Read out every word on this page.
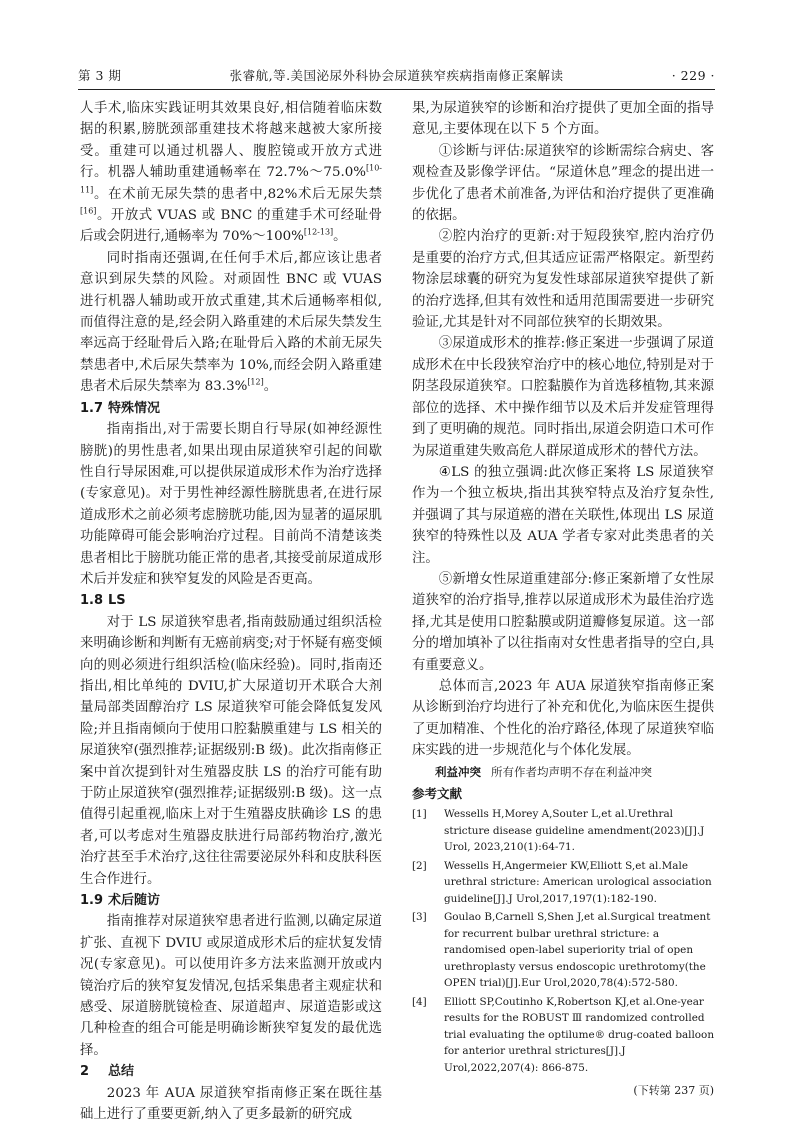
第 3 期	张睿航,等.美国泌尿外科协会尿道狭窄疾病指南修正案解读	· 229 ·

人手术,临床实践证明其效果良好,相信随着临床数据的积累,膀胱颈部重建技术将越来越被大家所接受。重建可以通过机器人、腹腔镜或开放方式进行。机器人辅助重建通畅率在 72.7%～75.0%[10-11]。在术前无尿失禁的患者中,82%术后无尿失禁[16]。开放式 VUAS 或 BNC 的重建手术可经耻骨后或会阴进行,通畅率为 70%～100%[12-13]。

同时指南还强调,在任何手术后,都应该让患者意识到尿失禁的风险。对顽固性 BNC 或 VUAS 进行机器人辅助或开放式重建,其术后通畅率相似,而值得注意的是,经会阴入路重建的术后尿失禁发生率远高于经耻骨后入路;在耻骨后入路的术前无尿失禁患者中,术后尿失禁率为 10%,而经会阴入路重建患者术后尿失禁率为 83.3%[12]。

1.7 特殊情况

指南指出,对于需要长期自行导尿(如神经源性膀胱)的男性患者,如果出现由尿道狭窄引起的间歇性自行导尿困难,可以提供尿道成形术作为治疗选择(专家意见)。对于男性神经源性膀胱患者,在进行尿道成形术之前必须考虑膀胱功能,因为显著的逼尿肌功能障碍可能会影响治疗过程。目前尚不清楚该类患者相比于膀胱功能正常的患者,其接受前尿道成形术后并发症和狭窄复发的风险是否更高。

1.8 LS

对于 LS 尿道狭窄患者,指南鼓励通过组织活检来明确诊断和判断有无癌前病变;对于怀疑有癌变倾向的则必须进行组织活检(临床经验)。同时,指南还指出,相比单纯的 DVIU,扩大尿道切开术联合大剂量局部类固醇治疗 LS 尿道狭窄可能会降低复发风险;并且指南倾向于使用口腔黏膜重建与 LS 相关的尿道狭窄(强烈推荐;证据级别:B 级)。此次指南修正案中首次提到针对生殖器皮肤 LS 的治疗可能有助于防止尿道狭窄(强烈推荐;证据级别:B 级)。这一点值得引起重视,临床上对于生殖器皮肤确诊 LS 的患者,可以考虑对生殖器皮肤进行局部药物治疗,激光治疗甚至手术治疗,这往往需要泌尿外科和皮肤科医生合作进行。

1.9 术后随访

指南推荐对尿道狭窄患者进行监测,以确定尿道扩张、直视下 DVIU 或尿道成形术后的症状复发情况(专家意见)。可以使用许多方法来监测开放或内镜治疗后的狭窄复发情况,包括采集患者主观症状和感受、尿道膀胱镜检查、尿道超声、尿道造影或这几种检查的组合可能是明确诊断狭窄复发的最优选择。

2 总结

2023 年 AUA 尿道狭窄指南修正案在既往基础上进行了重要更新,纳入了更多最新的研究成

果,为尿道狭窄的诊断和治疗提供了更加全面的指导意见,主要体现在以下 5 个方面。

①诊断与评估:尿道狭窄的诊断需综合病史、客观检查及影像学评估。“尿道休息”理念的提出进一步优化了患者术前准备,为评估和治疗提供了更准确的依据。

②腔内治疗的更新:对于短段狭窄,腔内治疗仍是重要的治疗方式,但其适应证需严格限定。新型药物涂层球囊的研究为复发性球部尿道狭窄提供了新的治疗选择,但其有效性和适用范围需要进一步研究验证,尤其是针对不同部位狭窄的长期效果。

③尿道成形术的推荐:修正案进一步强调了尿道成形术在中长段狭窄治疗中的核心地位,特别是对于阴茎段尿道狭窄。口腔黏膜作为首选移植物,其来源部位的选择、术中操作细节以及术后并发症管理得到了更明确的规范。同时指出,尿道会阴造口术可作为尿道重建失败高危人群尿道成形术的替代方法。

④LS 的独立强调:此次修正案将 LS 尿道狭窄作为一个独立板块,指出其狭窄特点及治疗复杂性,并强调了其与尿道癌的潜在关联性,体现出 LS 尿道狭窄的特殊性以及 AUA 学者专家对此类患者的关注。

⑤新增女性尿道重建部分:修正案新增了女性尿道狭窄的治疗指导,推荐以尿道成形术为最佳治疗选择,尤其是使用口腔黏膜或阴道瓣修复尿道。这一部分的增加填补了以往指南对女性患者指导的空白,具有重要意义。

总体而言,2023 年 AUA 尿道狭窄指南修正案从诊断到治疗均进行了补充和优化,为临床医生提供了更加精准、个性化的治疗路径,体现了尿道狭窄临床实践的进一步规范化与个体化发展。

利益冲突 所有作者均声明不存在利益冲突

参考文献

[1]	Wessells H,Morey A,Souter L,et al.Urethral stricture disease guideline amendment(2023)[J].J Urol, 2023,210(1):64-71.
[2]	Wessells H,Angermeier KW,Elliott S,et al.Male urethral stricture: American urological association guideline[J].J Urol,2017,197(1):182-190.
[3]	Goulao B,Carnell S,Shen J,et al.Surgical treatment for recurrent bulbar urethral stricture: a randomised open-label superiority trial of open urethroplasty versus endoscopic urethrotomy(the OPEN trial)[J].Eur Urol,2020,78(4):572-580.
[4]	Elliott SP,Coutinho K,Robertson KJ,et al.One-year results for the ROBUST Ⅲ randomized controlled trial evaluating the optilume® drug-coated balloon for anterior urethral strictures[J].J Urol,2022,207(4): 866-875.
(下转第 237 页)
